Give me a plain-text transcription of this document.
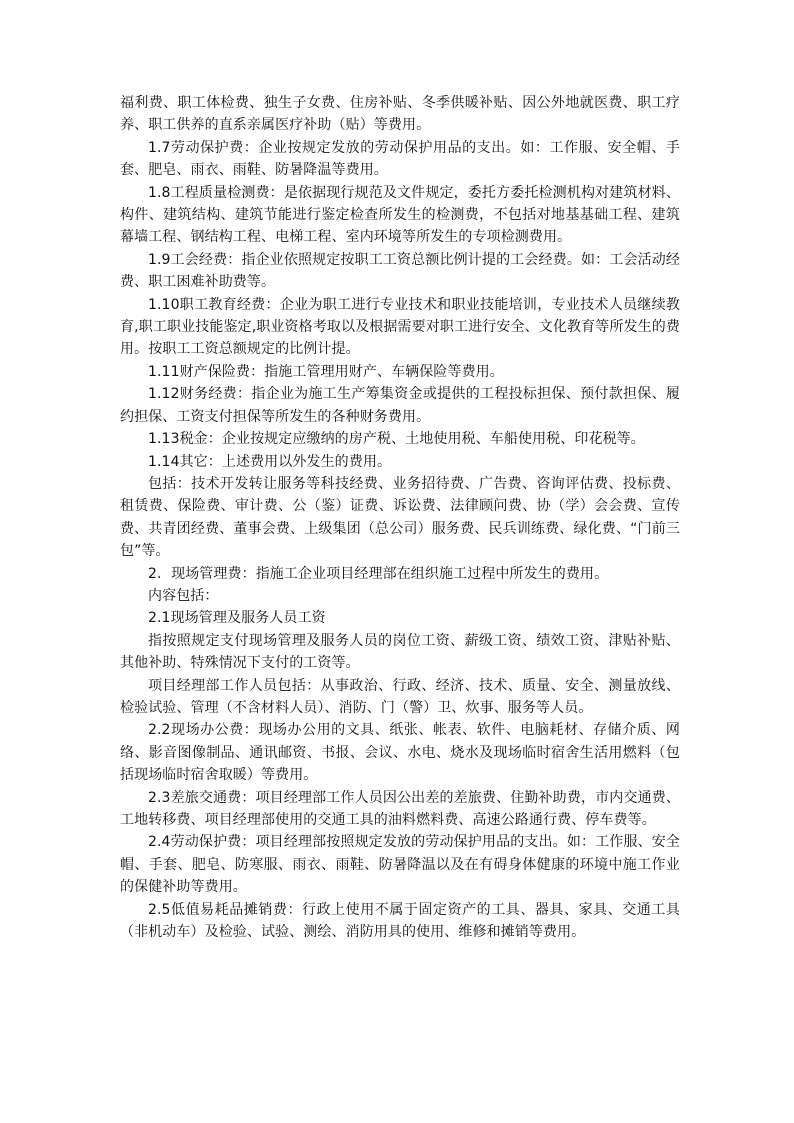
福利费、职工体检费、独生子女费、住房补贴、冬季供暖补贴、因公外地就医费、职工疗养、职工供养的直系亲属医疗补助（贴）等费用。

1.7劳动保护费：企业按规定发放的劳动保护用品的支出。如：工作服、安全帽、手套、肥皂、雨衣、雨鞋、防暑降温等费用。

1.8工程质量检测费：是依据现行规范及文件规定，委托方委托检测机构对建筑材料、构件、建筑结构、建筑节能进行鉴定检查所发生的检测费，不包括对地基基础工程、建筑幕墙工程、钢结构工程、电梯工程、室内环境等所发生的专项检测费用。

1.9工会经费：指企业依照规定按职工工资总额比例计提的工会经费。如：工会活动经费、职工困难补助费等。

1.10职工教育经费：企业为职工进行专业技术和职业技能培训，专业技术人员继续教育,职工职业技能鉴定,职业资格考取以及根据需要对职工进行安全、文化教育等所发生的费用。按职工工资总额规定的比例计提。

1.11财产保险费：指施工管理用财产、车辆保险等费用。

1.12财务经费：指企业为施工生产筹集资金或提供的工程投标担保、预付款担保、履约担保、工资支付担保等所发生的各种财务费用。

1.13税金：企业按规定应缴纳的房产税、土地使用税、车船使用税、印花税等。

1.14其它：上述费用以外发生的费用。

包括：技术开发转让服务等科技经费、业务招待费、广告费、咨询评估费、投标费、租赁费、保险费、审计费、公（鉴）证费、诉讼费、法律顾问费、协（学）会会费、宣传费、共青团经费、董事会费、上级集团（总公司）服务费、民兵训练费、绿化费、“门前三包”等。

2．现场管理费：指施工企业项目经理部在组织施工过程中所发生的费用。

内容包括：

2.1现场管理及服务人员工资

指按照规定支付现场管理及服务人员的岗位工资、薪级工资、绩效工资、津贴补贴、其他补助、特殊情况下支付的工资等。

项目经理部工作人员包括：从事政治、行政、经济、技术、质量、安全、测量放线、检验试验、管理（不含材料人员）、消防、门（警）卫、炊事、服务等人员。

2.2现场办公费：现场办公用的文具、纸张、帐表、软件、电脑耗材、存储介质、网络、影音图像制品、通讯邮资、书报、会议、水电、烧水及现场临时宿舍生活用燃料（包括现场临时宿舍取暖）等费用。

2.3差旅交通费：项目经理部工作人员因公出差的差旅费、住勤补助费，市内交通费、工地转移费、项目经理部使用的交通工具的油料燃料费、高速公路通行费、停车费等。

2.4劳动保护费：项目经理部按照规定发放的劳动保护用品的支出。如：工作服、安全帽、手套、肥皂、防寒服、雨衣、雨鞋、防暑降温以及在有碍身体健康的环境中施工作业的保健补助等费用。

2.5低值易耗品摊销费：行政上使用不属于固定资产的工具、器具、家具、交通工具（非机动车）及检验、试验、测绘、消防用具的使用、维修和摊销等费用。
